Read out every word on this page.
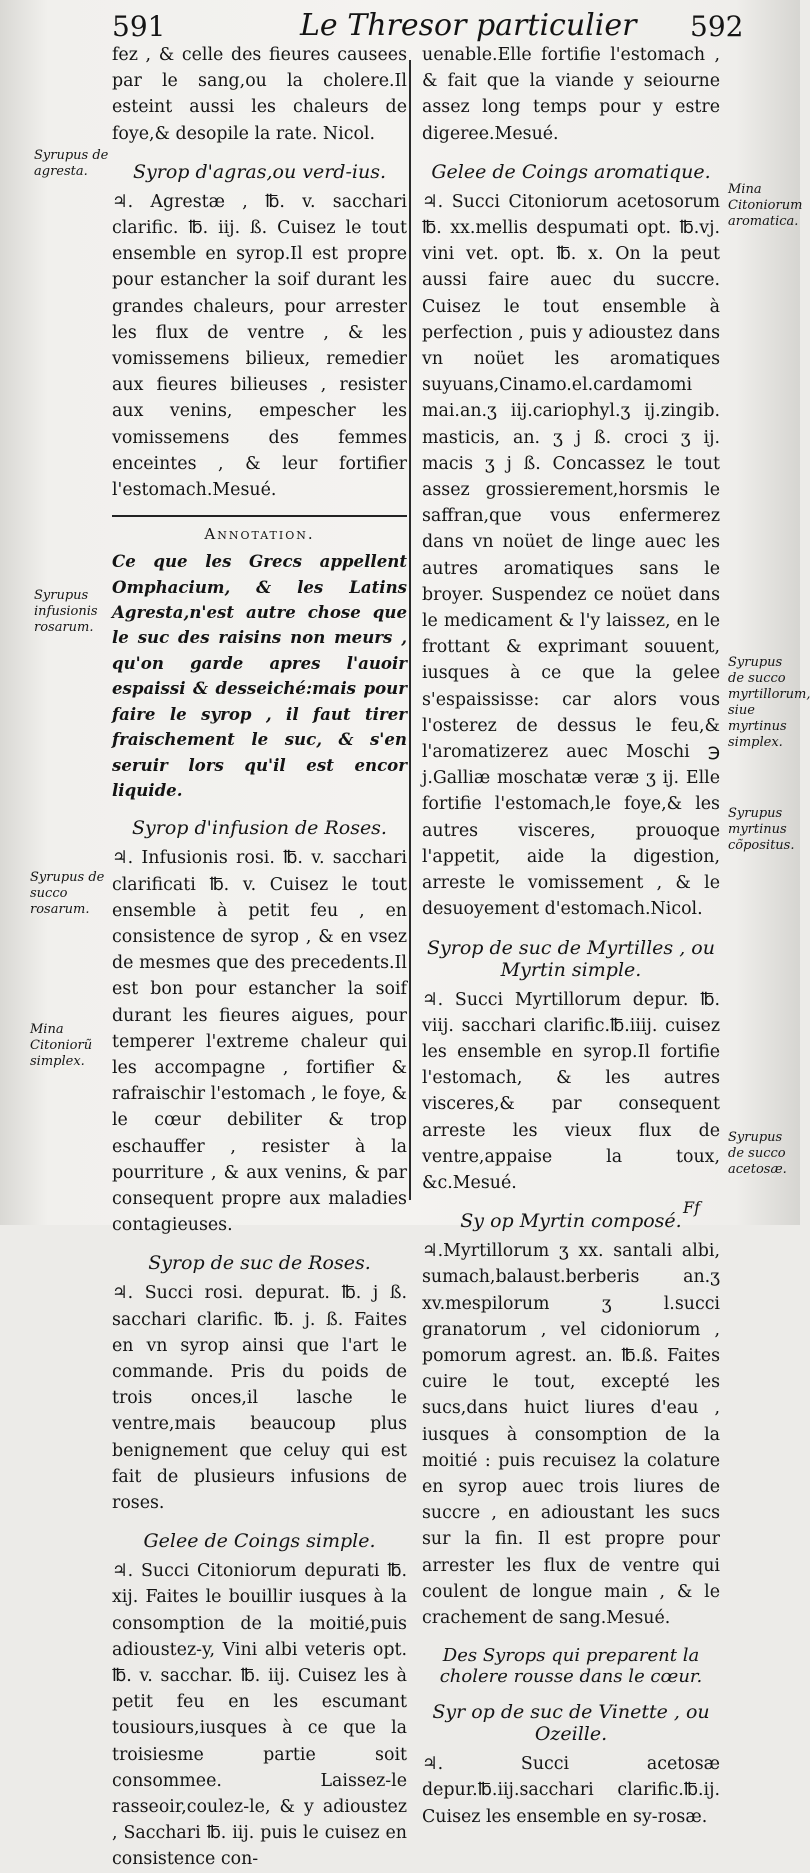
591	Le Thresor particulier 592

fez , & celle des fieures causees par le sang,ou la cholere.Il esteint aussi les chaleurs de foye,& desopile la rate. Nicol.

Syrop d'agras,ou verd-ius.

♃. Agrestæ , ℔. v. sacchari clarific. ℔. iij. ß. Cuisez le tout ensemble en syrop.Il est propre pour estancher la soif durant les grandes chaleurs, pour arrester les flux de ventre , & les vomissemens bilieux, remedier aux fieures bilieuses , resister aux venins, empescher les vomissemens des femmes enceintes , & leur fortifier l'estomach.Mesué.

Annotation.

Ce que les Grecs appellent Omphacium, & les Latins Agresta,n'est autre chose que le suc des raisins non meurs , qu'on garde apres l'auoir espaissi & desseiché:mais pour faire le syrop , il faut tirer fraischement le suc, & s'en seruir lors qu'il est encor liquide.

Syrop d'infusion de Roses.

♃. Infusionis rosi. ℔. v. sacchari clarificati ℔. v. Cuisez le tout ensemble à petit feu , en consistence de syrop , & en vsez de mesmes que des precedents.Il est bon pour estancher la soif durant les fieures aigues, pour temperer l'extreme chaleur qui les accompagne , fortifier & rafraischir l'estomach , le foye, & le cœur debiliter & trop eschauffer , resister à la pourriture , & aux venins, & par consequent propre aux maladies contagieuses.

Syrop de suc de Roses.

♃. Succi rosi. depurat. ℔. j ß. sacchari clarific. ℔. j. ß. Faites en vn syrop ainsi que l'art le commande. Pris du poids de trois onces,il lasche le ventre,mais beaucoup plus benignement que celuy qui est fait de plusieurs infusions de roses.

Gelee de Coings simple.

♃. Succi Citoniorum depurati ℔. xij. Faites le bouillir iusques à la consomption de la moitié,puis adioustez-y, Vini albi veteris opt. ℔. v. sacchar. ℔. iij. Cuisez les à petit feu en les escumant tousiours,iusques à ce que la troisiesme partie soit consommee. Laissez-le rasseoir,coulez-le, & y adioustez , Sacchari ℔. iij. puis le cuisez en consistence con-

Syrupus de agresta.
Syrupus infusionis rosarum.
Syrupus de succo rosarum.
Mina Citoniorũ simplex.

uenable.Elle fortifie l'estomach , & fait que la viande y seiourne assez long temps pour y estre digeree.Mesué.

Gelee de Coings aromatique.

♃. Succi Citoniorum acetosorum ℔. xx.mellis despumati opt. ℔.vj. vini vet. opt. ℔. x. On la peut aussi faire auec du succre. Cuisez le tout ensemble à perfection , puis y adioustez dans vn noüet les aromatiques suyuans,Cinamo.el.cardamomi mai.an.ʒ iij.cariophyl.ʒ ij.zingib. masticis, an. ʒ j ß. croci ʒ ij. macis ʒ j ß. Concassez le tout assez grossierement,horsmis le saffran,que vous enfermerez dans vn noüet de linge auec les autres aromatiques sans le broyer. Suspendez ce noüet dans le medicament & l'y laissez, en le frottant & exprimant souuent, iusques à ce que la gelee s'espaississe: car alors vous l'osterez de dessus le feu,& l'aromatizerez auec Moschi ℈ j.Galliæ moschatæ veræ ʒ ij. Elle fortifie l'estomach,le foye,& les autres visceres, prouoque l'appetit, aide la digestion, arreste le vomissement , & le desuoyement d'estomach.Nicol.

Syrop de suc de Myrtilles , ou Myrtin simple.

♃. Succi Myrtillorum depur. ℔. viij. sacchari clarific.℔.iiij. cuisez les ensemble en syrop.Il fortifie l'estomach, & les autres visceres,& par consequent arreste les vieux flux de ventre,appaise la toux, &c.Mesué.

Sy op Myrtin composé.

♃.Myrtillorum ʒ xx. santali albi, sumach,balaust.berberis an.ʒ xv.mespilorum ʒ l.succi granatorum , vel cidoniorum , pomorum agrest. an. ℔.ß. Faites cuire le tout, excepté les sucs,dans huict liures d'eau , iusques à consomption de la moitié : puis recuisez la colature en syrop auec trois liures de succre , en adioustant les sucs sur la fin. Il est propre pour arrester les flux de ventre qui coulent de longue main , & le crachement de sang.Mesué.

Des Syrops qui preparent la cholere rousse dans le cœur.
Syr op de suc de Vinette , ou Ozeille.

♃. Succi acetosæ depur.℔.iij.sacchari clarific.℔.ij. Cuisez les ensemble en sy-rosæ.

Mina Citoniorum aromatica.
Syrupus de succo myrtillorum, siue myrtinus simplex.
Syrupus myrtinus cõpositus.
Syrupus de succo acetosæ.
Ff
